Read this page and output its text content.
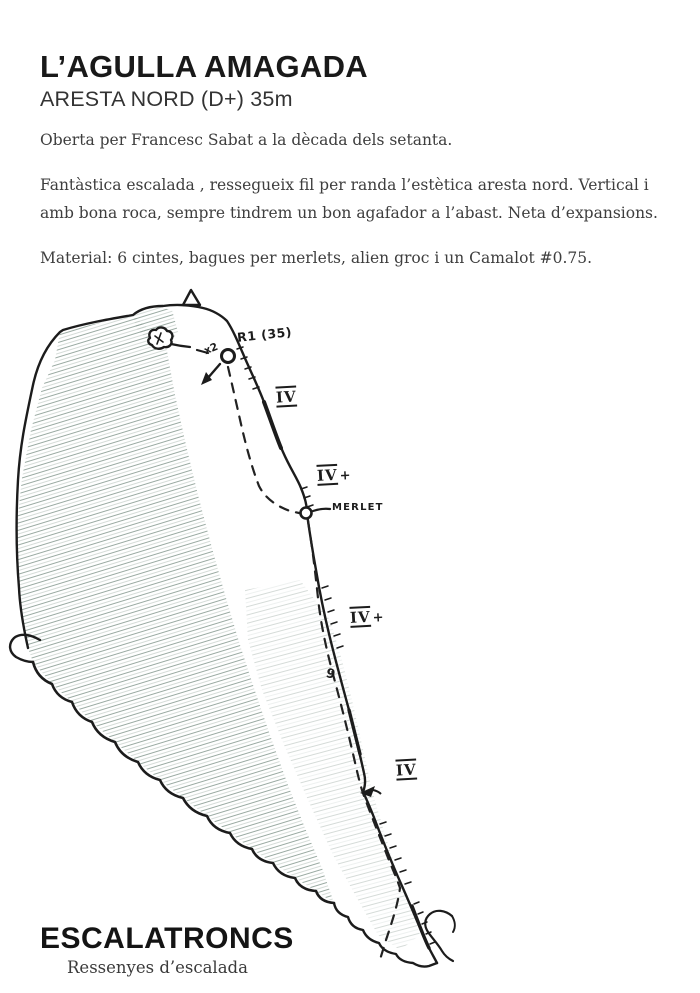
L’AGULLA AMAGADA
ARESTA NORD (D+) 35m

Oberta per Francesc Sabat a la dècada dels setanta.

Fantàstica escalada , ressegueix fil per randa l’estètica aresta nord. Vertical i amb bona roca, sempre tindrem un bon agafador a l’abast. Neta d’expansions.

Material: 6 cintes, bagues per merlets, alien groc i un Camalot #0.75.

R1 (35)
x2
MERLET
9
IV
IV+
IV+
IV
ESCALATRONCS
Ressenyes d’escalada
